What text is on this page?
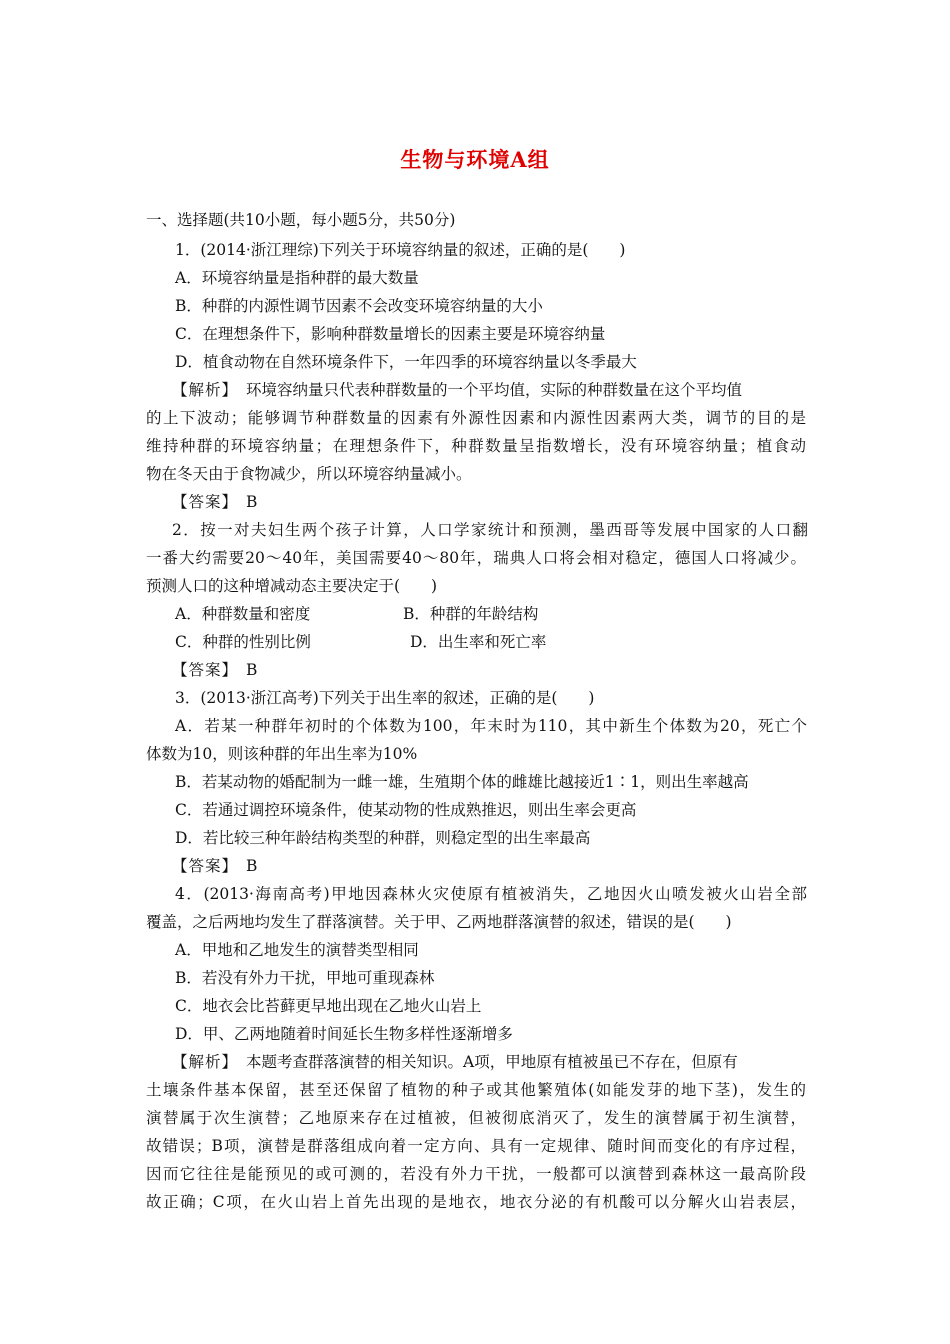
生物与环境A组
一、选择题(共10小题，每小题5分，共50分)
1．(2014·浙江理综)下列关于环境容纳量的叙述，正确的是(　　)
A．环境容纳量是指种群的最大数量
B．种群的内源性调节因素不会改变环境容纳量的大小
C．在理想条件下，影响种群数量增长的因素主要是环境容纳量
D．植食动物在自然环境条件下，一年四季的环境容纳量以冬季最大
【解析】 环境容纳量只代表种群数量的一个平均值，实际的种群数量在这个平均值
的上下波动；能够调节种群数量的因素有外源性因素和内源性因素两大类，调节的目的是
维持种群的环境容纳量；在理想条件下，种群数量呈指数增长，没有环境容纳量；植食动
物在冬天由于食物减少，所以环境容纳量减小。
【答案】 B
2．按一对夫妇生两个孩子计算，人口学家统计和预测，墨西哥等发展中国家的人口翻
一番大约需要20～40年，美国需要40～80年，瑞典人口将会相对稳定，德国人口将减少。
预测人口的这种增减动态主要决定于(　　)
A．种群数量和密度	B．种群的年龄结构
C．种群的性别比例	D．出生率和死亡率
【答案】 B
3．(2013·浙江高考)下列关于出生率的叙述，正确的是(　　)
A．若某一种群年初时的个体数为100，年末时为110，其中新生个体数为20，死亡个
体数为10，则该种群的年出生率为10%
B．若某动物的婚配制为一雌一雄，生殖期个体的雌雄比越接近1∶1，则出生率越高
C．若通过调控环境条件，使某动物的性成熟推迟，则出生率会更高
D．若比较三种年龄结构类型的种群，则稳定型的出生率最高
【答案】 B
4．(2013·海南高考)甲地因森林火灾使原有植被消失，乙地因火山喷发被火山岩全部
覆盖，之后两地均发生了群落演替。关于甲、乙两地群落演替的叙述，错误的是(　　)
A．甲地和乙地发生的演替类型相同
B．若没有外力干扰，甲地可重现森林
C．地衣会比苔藓更早地出现在乙地火山岩上
D．甲、乙两地随着时间延长生物多样性逐渐增多
【解析】 本题考查群落演替的相关知识。A项，甲地原有植被虽已不存在，但原有
土壤条件基本保留，甚至还保留了植物的种子或其他繁殖体(如能发芽的地下茎)，发生的
演替属于次生演替；乙地原来存在过植被，但被彻底消灭了，发生的演替属于初生演替，
故错误；B项，演替是群落组成向着一定方向、具有一定规律、随时间而变化的有序过程，
因而它往往是能预见的或可测的，若没有外力干扰，一般都可以演替到森林这一最高阶段
故正确；C项，在火山岩上首先出现的是地衣，地衣分泌的有机酸可以分解火山岩表层，
